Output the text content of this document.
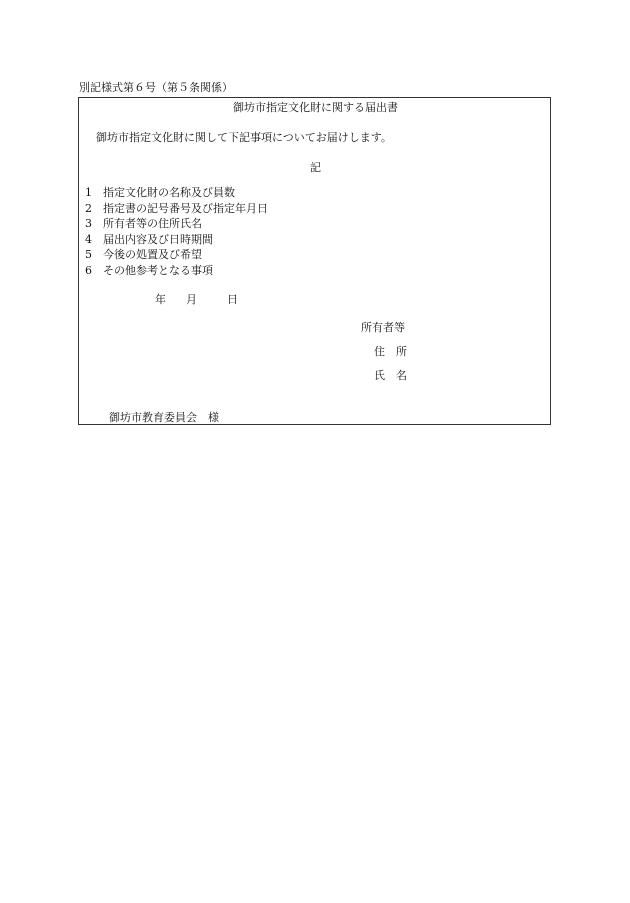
別記様式第６号（第５条関係）
御坊市指定文化財に関する届出書
御坊市指定文化財に関して下記事項についてお届けします。
記
1 指定文化財の名称及び員数
2 指定書の記号番号及び指定年月日
3 所有者等の住所氏名
4 届出内容及び日時期間
5 今後の処置及び希望
6 その他参考となる事項
年 月	日
所有者等
住　所
氏　名
御坊市教育委員会　様
